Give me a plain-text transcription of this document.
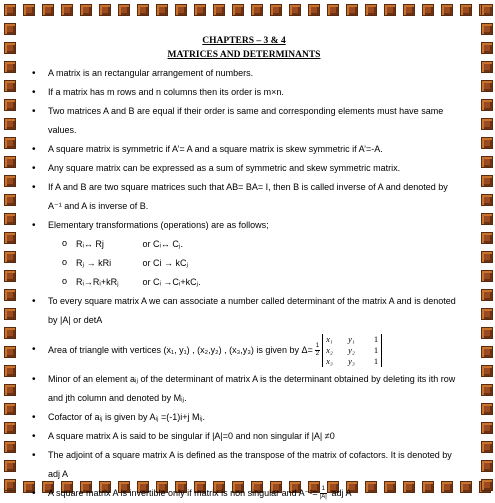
CHAPTERS – 3 & 4
MATRICES AND DETERMINANTS
• A matrix is an rectangular arrangement of numbers.
• If a matrix has m rows and n columns then its order is m×n.
• Two matrices A and B are equal if their order is same and corresponding elements must have same values.
• A square matrix is symmetric if A’= A and a square matrix is skew symmetric if A’=-A.
• Any square matrix can be expressed as a sum of symmetric and skew symmetric matrix.
• If A and B are two square matrices such that AB= BA= I, then B is called inverse of A and denoted by A⁻¹ and A is inverse of B.
• Elementary transformations (operations) are as follows;
o Rᵢ↔ Rj	or Cᵢ↔ Cⱼ.
o Rⱼ → kRi	or Ci → kCⱼ
o Rᵢ→Rᵢ+kRⱼ	or Cᵢ →Cᵢ+kCⱼ.
• To every square matrix A we can associate a number called determinant of the matrix A and is denoted by |A| or detA
• Area of triangle with vertices (x₁, y₁) , (x₂,y₂) , (x₃,y₃) is given by $\Delta= \frac{1}{2}$
x₁ y₁ 1
x₂ y₂ 1
x₃ y₃ 1
• Minor of an element aᵢⱼ of the determinant of matrix A is the determinant obtained by deleting its ith row and jth column and denoted by Mᵢⱼ.
• Cofactor of aᵢⱼ is given by Aᵢⱼ =(-1)i+j Mᵢⱼ.
• A square matrix A is said to be singular if |A|=0 and non singular if |A| ≠0
• The adjoint of a square matrix A is defined as the transpose of the matrix of cofactors. It is denoted by adj A
• A square matrix A is invertible only if matrix is non singular and $A^{-1}= \frac{1}{|A|}$ adj A
